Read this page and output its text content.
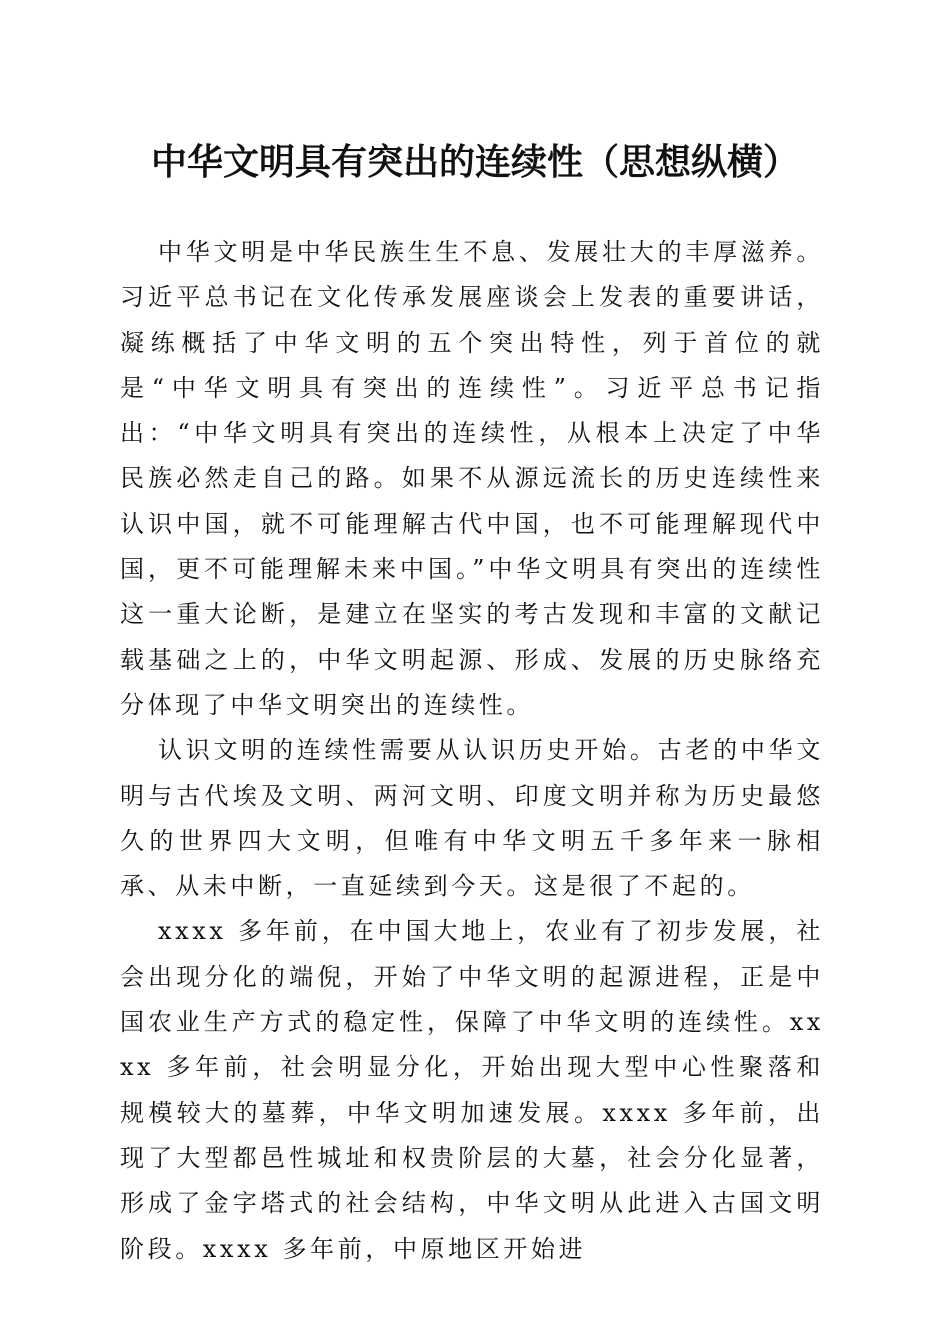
中华文明具有突出的连续性（思想纵横）

中华文明是中华民族生生不息、发展壮大的丰厚滋养。习近平总书记在文化传承发展座谈会上发表的重要讲话，凝练概括了中华文明的五个突出特性，列于首位的就是“中华文明具有突出的连续性”。习近平总书记指出：“中华文明具有突出的连续性，从根本上决定了中华民族必然走自己的路。如果不从源远流长的历史连续性来认识中国，就不可能理解古代中国，也不可能理解现代中国，更不可能理解未来中国。”中华文明具有突出的连续性这一重大论断，是建立在坚实的考古发现和丰富的文献记载基础之上的，中华文明起源、形成、发展的历史脉络充分体现了中华文明突出的连续性。

认识文明的连续性需要从认识历史开始。古老的中华文明与古代埃及文明、两河文明、印度文明并称为历史最悠久的世界四大文明，但唯有中华文明五千多年来一脉相承、从未中断，一直延续到今天。这是很了不起的。

xxxx 多年前，在中国大地上，农业有了初步发展，社会出现分化的端倪，开始了中华文明的起源进程，正是中国农业生产方式的稳定性，保障了中华文明的连续性。xxxx 多年前，社会明显分化，开始出现大型中心性聚落和规模较大的墓葬，中华文明加速发展。xxxx 多年前，出现了大型都邑性城址和权贵阶层的大墓，社会分化显著，形成了金字塔式的社会结构，中华文明从此进入古国文明阶段。xxxx 多年前，中原地区开始进
